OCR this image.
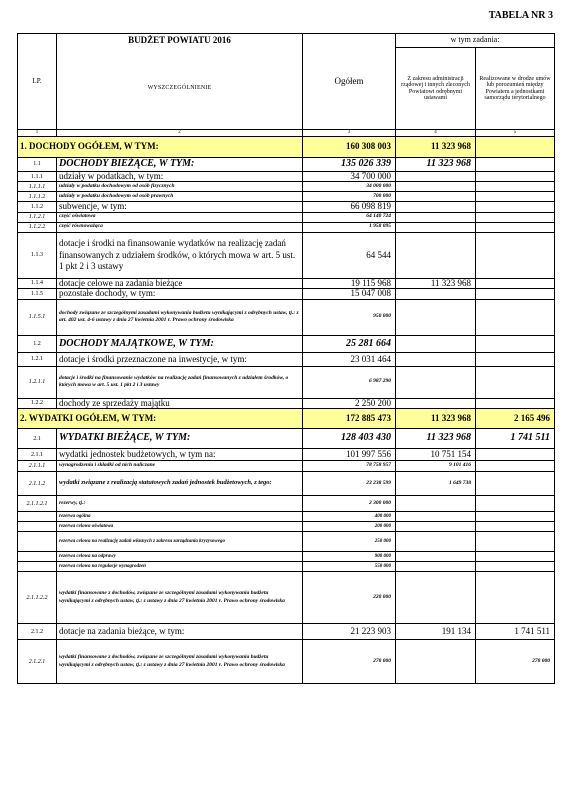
TABELA NR 3
LP.	BUDŻET POWIATU 2016	Ogółem	w tym zadania:	
	WYSZCZEGÓLNIENIE		Z zakresu administracji rządowej i innych zleconych Powiatowi odrębnymi ustawami	Realizowane w drodze umów lub porozumień między Powiatem a jednostkami samorządu terytorialnego
1	2	3	4	5
1. DOCHODY OGÓŁEM, W TYM:		160 308 003	11 323 968	
1.1	DOCHODY BIEŻĄCE, W TYM:	135 026 339	11 323 968	
1.1.1	udziały w podatkach, w tym:	34 700 000		
1.1.1.1	udziały w podatku dochodowym od osób fizycznych	34 000 000		
1.1.1.2	udziały w podatku dochodowym od osób prawnych	700 000		
1.1.2	subwencje, w tym:	66 098 819		
1.1.2.1	część oświatowa	64 140 724		
1.1.2.2	część równoważąca	1 958 095		
1.1.3	dotacje i środki na finansowanie wydatków na realizację zadań finansowanych z udziałem środków, o których mowa w art. 5 ust. 1 pkt 2 i 3 ustawy	64 544		
1.1.4	dotacje celowe na zadania bieżące	19 115 968	11 323 968	
1.1.5	pozostałe dochody, w tym:	15 047 008		
1.1.5.1	dochody związane ze szczególnymi zasadami wykonywania budżetu wynikającymi z odrębnych ustaw, tj.: z art. 402 ust. 4-6 ustawy z dnia 27 kwietnia 2001 r. Prawo ochrony środowiska	950 000		
1.2	DOCHODY MAJĄTKOWE, W TYM:	25 281 664		
1.2.1	dotacje i środki przeznaczone na inwestycje, w tym:	23 031 464		
1.2.1.1	dotacje i środki na finansowanie wydatków na realizację zadań finansowanych z udziałem środków, o których mowa w art. 5 ust. 1 pkt 2 i 3 ustawy	6 987 290		
1.2.2	dochody ze sprzedaży majątku	2 250 200		
2. WYDATKI OGÓŁEM, W TYM:		172 885 473	11 323 968	2 165 496
2.1	WYDATKI BIEŻĄCE, W TYM:	128 403 430	11 323 968	1 741 511
2.1.1	wydatki jednostek budżetowych, w tym na:	101 997 556	10 751 154	
2.1.1.1	wynagrodzenia i składki od nich naliczane	78 758 957	9 101 416	
2.1.1.2	wydatki związane z realizacją statutowych zadań jednostek budżetowych, z tego:	23 238 599	1 649 738	
2.1.1.2.1	rezerwy, tj.:	2 300 000		
	rezerwa ogólna	400 000		
	rezerwa celowa oświatowa	200 000		
	rezerwa celowa na realizację zadań własnych z zakresu zarządzania kryzysowego	250 000		
	rezerwa celowa na odprawy	900 000		
	rezerwa celowa na regulacje wynagrodzeń	550 000		
2.1.1.2.2	wydatki finansowane z dochodów, związane ze szczególnymi zasadami wykonywania budżetu wynikającymi z odrębnych ustaw, tj.: z ustawy z dnia 27 kwietnia 2001 r. Prawo ochrony środowiska	220 000		
2.1.2	dotacje na zadania bieżące, w tym:	21 223 903	191 134	1 741 511
2.1.2.1	wydatki finansowane z dochodów, związane ze szczególnymi zasadami wykonywania budżetu wynikającymi z odrębnych ustaw, tj.: z ustawy z dnia 27 kwietnia 2001 r. Prawo ochrony środowiska	270 000		270 000
